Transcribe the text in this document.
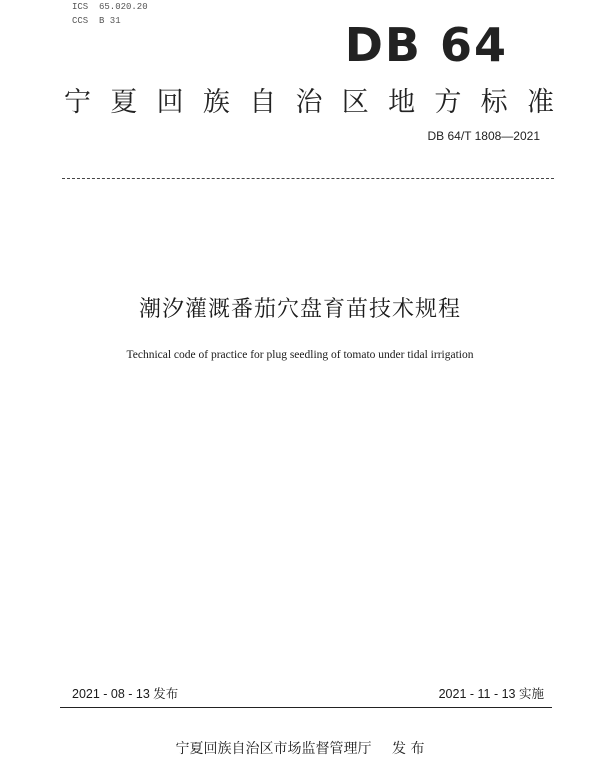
ICS  65.020.20
CCS  B 31	DB 64
宁 夏 回 族 自 治 区 地 方 标 准
DB 64/T 1808—2021
潮汐灌溉番茄穴盘育苗技术规程
Technical code of practice for plug seedling of tomato under tidal irrigation
2021 - 08 - 13 发布	2021 - 11 - 13 实施
宁夏回族自治区市场监督管理厅 发 布
